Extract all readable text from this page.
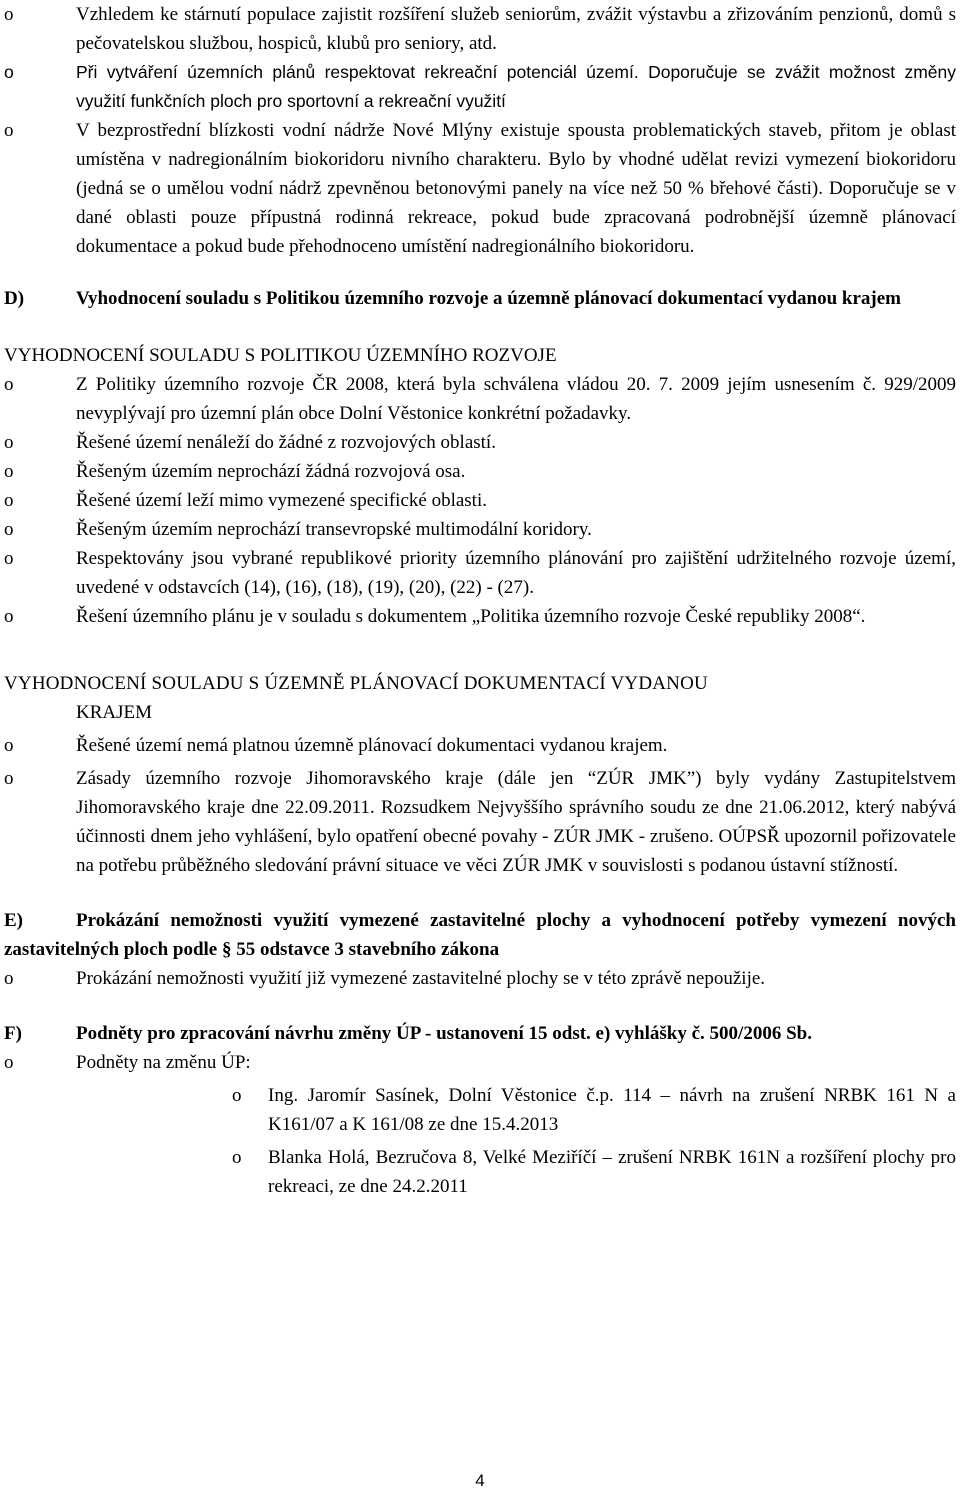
o	Vzhledem ke stárnutí populace zajistit rozšíření služeb seniorům, zvážit výstavbu a zřizováním penzionů, domů s pečovatelskou službou, hospiců, klubů pro seniory, atd.
o	Při vytváření územních plánů respektovat rekreační potenciál území. Doporučuje se zvážit možnost změny využití funkčních ploch pro sportovní a rekreační využití
o	V bezprostřední blízkosti vodní nádrže Nové Mlýny existuje spousta problematických staveb, přitom je oblast umístěna v nadregionálním biokoridoru nivního charakteru. Bylo by vhodné udělat revizi vymezení biokoridoru (jedná se o umělou vodní nádrž zpevněnou betonovými panely na více než 50 % břehové části). Doporučuje se v dané oblasti pouze přípustná rodinná rekreace, pokud bude zpracovaná podrobnější územně plánovací dokumentace a pokud bude přehodnoceno umístění nadregionálního biokoridoru.
D)	Vyhodnocení souladu s Politikou územního rozvoje a územně plánovací dokumentací vydanou krajem
VYHODNOCENÍ SOULADU S POLITIKOU ÚZEMNÍHO ROZVOJE
o	Z Politiky územního rozvoje ČR 2008, která byla schválena vládou 20. 7. 2009 jejím usnesením č. 929/2009 nevyplývají pro územní plán obce Dolní Věstonice konkrétní požadavky.
o	Řešené území nenáleží do žádné z rozvojových oblastí.
o	Řešeným územím neprochází žádná rozvojová osa.
o	Řešené území leží mimo vymezené specifické oblasti.
o	Řešeným územím neprochází transevropské multimodální koridory.
o	Respektovány jsou vybrané republikové priority územního plánování pro zajištění udržitelného rozvoje území, uvedené v odstavcích (14), (16), (18), (19), (20), (22) - (27).
o	Řešení územního plánu je v souladu s dokumentem „Politika územního rozvoje České republiky 2008“.
VYHODNOCENÍ SOULADU S ÚZEMNĚ PLÁNOVACÍ DOKUMENTACÍ VYDANOU
KRAJEM
o	Řešené území nemá platnou územně plánovací dokumentaci vydanou krajem.
o	Zásady územního rozvoje Jihomoravského kraje (dále jen “ZÚR JMK”) byly vydány Zastupitelstvem Jihomoravského kraje dne 22.09.2011. Rozsudkem Nejvyššího správního soudu ze dne 21.06.2012, který nabývá účinnosti dnem jeho vyhlášení, bylo opatření obecné povahy - ZÚR JMK - zrušeno. OÚPSŘ upozornil pořizovatele na potřebu průběžného sledování právní situace ve věci ZÚR JMK v souvislosti s podanou ústavní stížností.
E)	Prokázání nemožnosti využití vymezené zastavitelné plochy a vyhodnocení potřeby vymezení nových zastavitelných ploch podle § 55 odstavce 3 stavebního zákona
o	Prokázání nemožnosti využití již vymezené zastavitelné plochy se v této zprávě nepoužije.
F)	Podněty pro zpracování návrhu změny ÚP - ustanovení 15 odst. e) vyhlášky č. 500/2006 Sb.
o	Podněty na změnu ÚP:
o Ing. Jaromír Sasínek, Dolní Věstonice č.p. 114 – návrh na zrušení NRBK 161 N a K161/07 a K 161/08 ze dne 15.4.2013
o Blanka Holá, Bezručova 8, Velké Meziříčí – zrušení NRBK 161N a rozšíření plochy pro rekreaci, ze dne 24.2.2011
4
